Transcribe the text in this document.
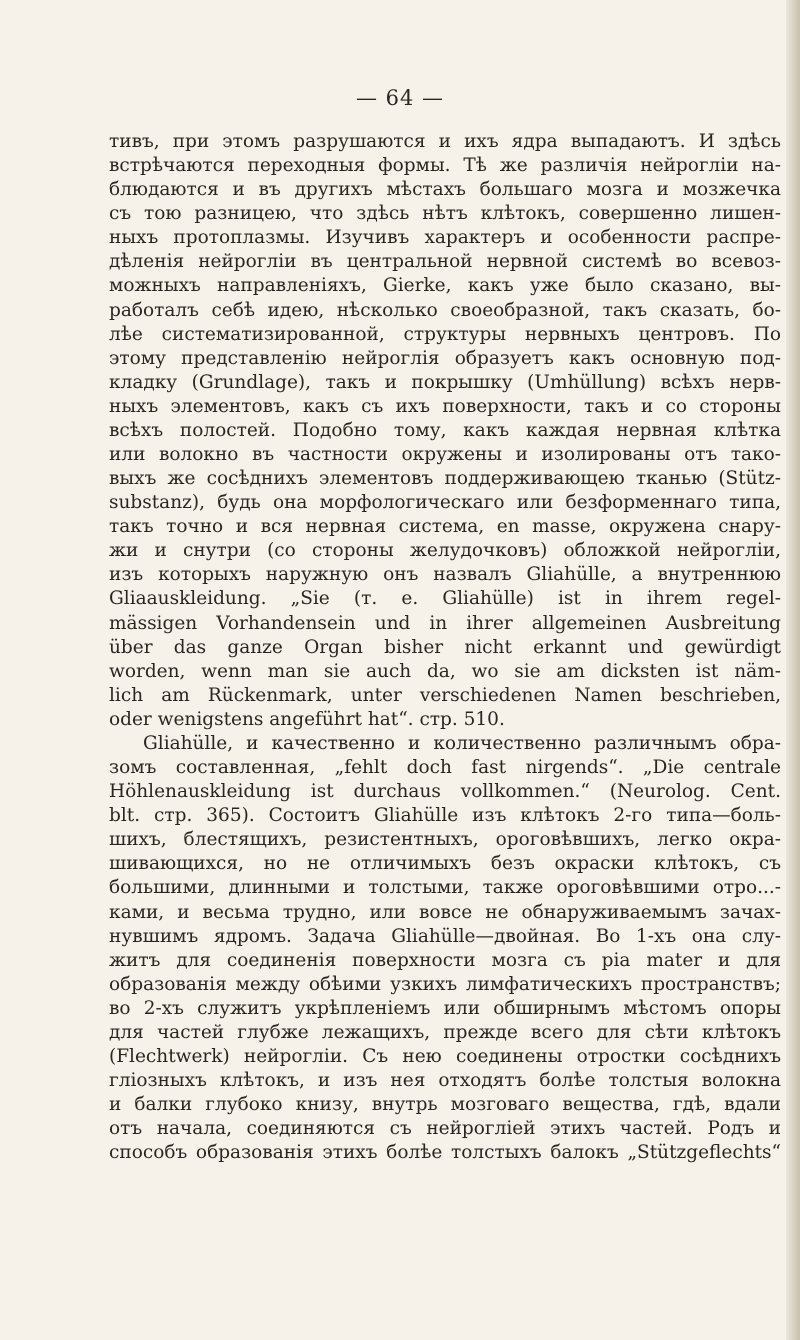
— 64 —
тивъ, при этомъ разрушаются и ихъ ядра выпадаютъ. И здѣсь
встрѣчаются переходныя формы. Тѣ же различія нейрогліи на-
блюдаются и въ другихъ мѣстахъ большаго мозга и мозжечка
съ тою разницею, что здѣсь нѣтъ клѣтокъ, совершенно лишен-
ныхъ протоплазмы. Изучивъ характеръ и особенности распре-
дѣленія нейрогліи въ центральной нервной системѣ во всевоз-
можныхъ направленіяхъ, Gierke, какъ уже было сказано, вы-
работалъ себѣ идею, нѣсколько своеобразной, такъ сказать, бо-
лѣе систематизированной, структуры нервныхъ центровъ. По
этому представленію нейроглія образуетъ какъ основную под-
кладку (Grundlage), такъ и покрышку (Umhüllung) всѣхъ нерв-
ныхъ элементовъ, какъ съ ихъ поверхности, такъ и со стороны
всѣхъ полостей. Подобно тому, какъ каждая нервная клѣтка
или волокно въ частности окружены и изолированы отъ тако-
выхъ же сосѣднихъ элементовъ поддерживающею тканью (Stütz-
substanz), будь она морфологическаго или безформеннаго типа,
такъ точно и вся нервная система, en masse, окружена снару-
жи и снутри (со стороны желудочковъ) обложкой нейрогліи,
изъ которыхъ наружную онъ назвалъ Gliahülle, а внутреннюю
Gliaauskleidung. „Sie (т. е. Gliahülle) ist in ihrem regel-
mässigen Vorhandensein und in ihrer allgemeinen Ausbreitung
über das ganze Organ bisher nicht erkannt und gewürdigt
worden, wenn man sie auch da, wo sie am dicksten ist näm-
lich am Rückenmark, unter verschiedenen Namen beschrieben,
oder wenigstens angeführt hat“. стр. 510.
Gliahülle, и качественно и количественно различнымъ обра-
зомъ составленная, „fehlt doch fast nirgends“. „Die centrale
Höhlenauskleidung ist durchaus vollkommen.“ (Neurolog. Cent.
blt. стр. 365). Состоитъ Gliahülle изъ клѣтокъ 2-го типа—боль-
шихъ, блестящихъ, резистентныхъ, ороговѣвшихъ, легко окра-
шивающихся, но не отличимыхъ безъ окраски клѣтокъ, съ
большими, длинными и толстыми, также ороговѣвшими отро...-
ками, и весьма трудно, или вовсе не обнаруживаемымъ зачах-
нувшимъ ядромъ. Задача Gliahülle—двойная. Во 1-хъ она слу-
житъ для соединенія поверхности мозга съ pia mater и для
образованія между обѣими узкихъ лимфатическихъ пространствъ;
во 2-хъ служитъ укрѣпленіемъ или обширнымъ мѣстомъ опоры
для частей глубже лежащихъ, прежде всего для сѣти клѣтокъ
(Flechtwerk) нейрогліи. Съ нею соединены отростки сосѣднихъ
гліозныхъ клѣтокъ, и изъ нея отходятъ болѣе толстыя волокна
и балки глубоко книзу, внутрь мозговаго вещества, гдѣ, вдали
отъ начала, соединяются съ нейрогліей этихъ частей. Родъ и
способъ образованія этихъ болѣе толстыхъ балокъ „Stützgeflechts“
